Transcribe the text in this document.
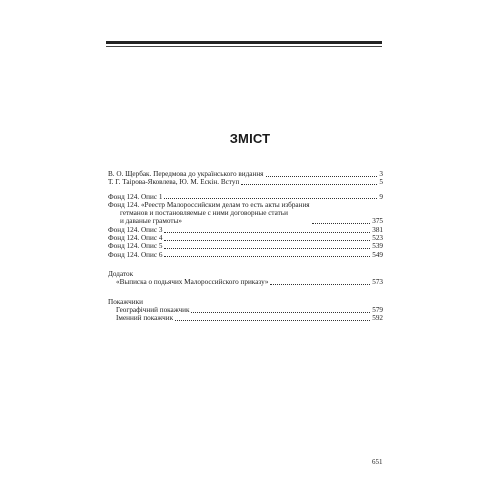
ЗМІСТ
В. О. Щербак. Передмова до українського видання	3
Т. Г. Таірова-Яковлева, Ю. М. Ескін. Вступ	5
Фонд 124. Опис 1	9
Фонд 124. «Реестр Малороссийским делам то есть акты избрания
гетманов и постановляемые с ними договорные статьи
и даваные грамоты»	375
Фонд 124. Опис 3	381
Фонд 124. Опис 4	523
Фонд 124. Опис 5	539
Фонд 124. Опис 6	549
Додаток
«Выписка о подьячих Малороссийского приказу»	573
Покажчики
Географічний покажчик	579
Іменний покажчик	592
651
